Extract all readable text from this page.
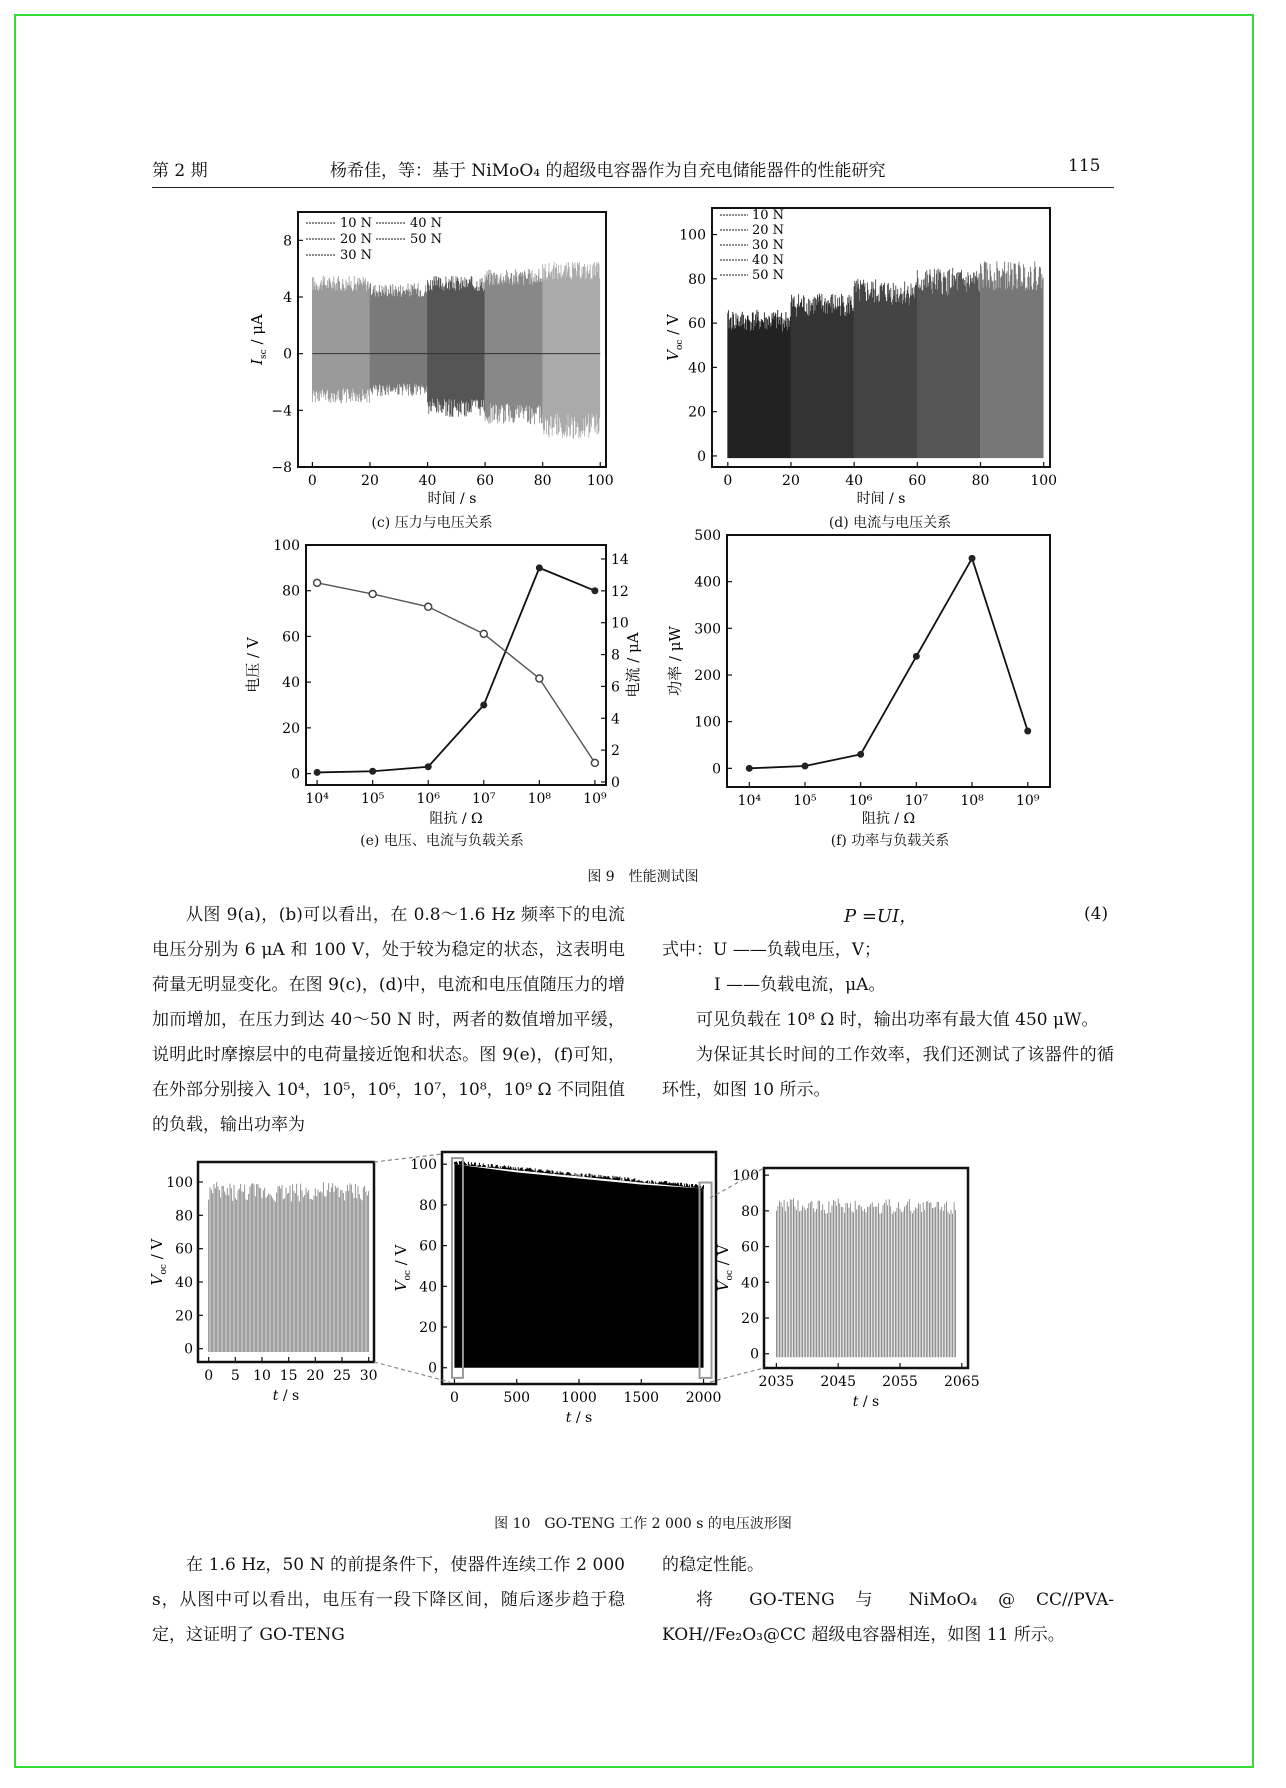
第 2 期	杨希佳，等：基于 NiMoO₄ 的超级电容器作为自充电储能器件的性能研究	115
−8
−4
0
4
8
0	20	40	60	80	100
10 N	40 N
20 N	50 N
30 N
时间 / s
$I_{sc}$ / μA
0
20
40
60
80
100
0	20	40	60	80	100
10 N
20 N
30 N
40 N
50 N
时间 / s
$V_{oc}$ / V
0
20
40
60
80
100
10⁴ 10⁵ 10⁶ 10⁷ 10⁸ 10⁹
0
2
4
6
8
10
12
14
阻抗 / Ω
电压 / V	电流 / μA
0
100
200
300
400
500
10⁴ 10⁵ 10⁶ 10⁷ 10⁸ 10⁹
阻抗 / Ω
功率 / μW
(c) 压力与电压关系	(d) 电流与电压关系
(e) 电压、电流与负载关系	(f) 功率与负载关系
图 9　性能测试图

从图 9(a)，(b)可以看出，在 0.8～1.6 Hz 频率下的电流电压分别为 6 μA 和 100 V，处于较为稳定的状态，这表明电荷量无明显变化。在图 9(c)，(d)中，电流和电压值随压力的增加而增加，在压力到达 40～50 N 时，两者的数值增加平缓，说明此时摩擦层中的电荷量接近饱和状态。图 9(e)，(f)可知，在外部分别接入 10⁴，10⁵，10⁶，10⁷，10⁸，10⁹ Ω 不同阻值的负载，输出功率为

P =UI，	(4)
式中：U ——负载电压，V；
I ——负载电流，μA。

可见负载在 10⁸ Ω 时，输出功率有最大值 450 μW。

为保证其长时间的工作效率，我们还测试了该器件的循环性，如图 10 所示。

0
20
40
60
80
100
0 5 10 15 20 25 30
t / s
$V_{oc}$ / V
0
20
40
60
80
100
0	500 1000 1500 2000
t / s
$V_{oc}$ / V
0
20
40
60
80
100
2035 2045 2055 2065
t / s
$V_{oc}$ / V
图 10　GO-TENG 工作 2 000 s 的电压波形图

在 1.6 Hz，50 N 的前提条件下，使器件连续工作 2 000 s，从图中可以看出，电压有一段下降区间，随后逐步趋于稳定，这证明了 GO-TENG

的稳定性能。

将 GO-TENG 与 NiMoO₄ @ CC//PVA-KOH//Fe₂O₃@CC 超级电容器相连，如图 11 所示。
